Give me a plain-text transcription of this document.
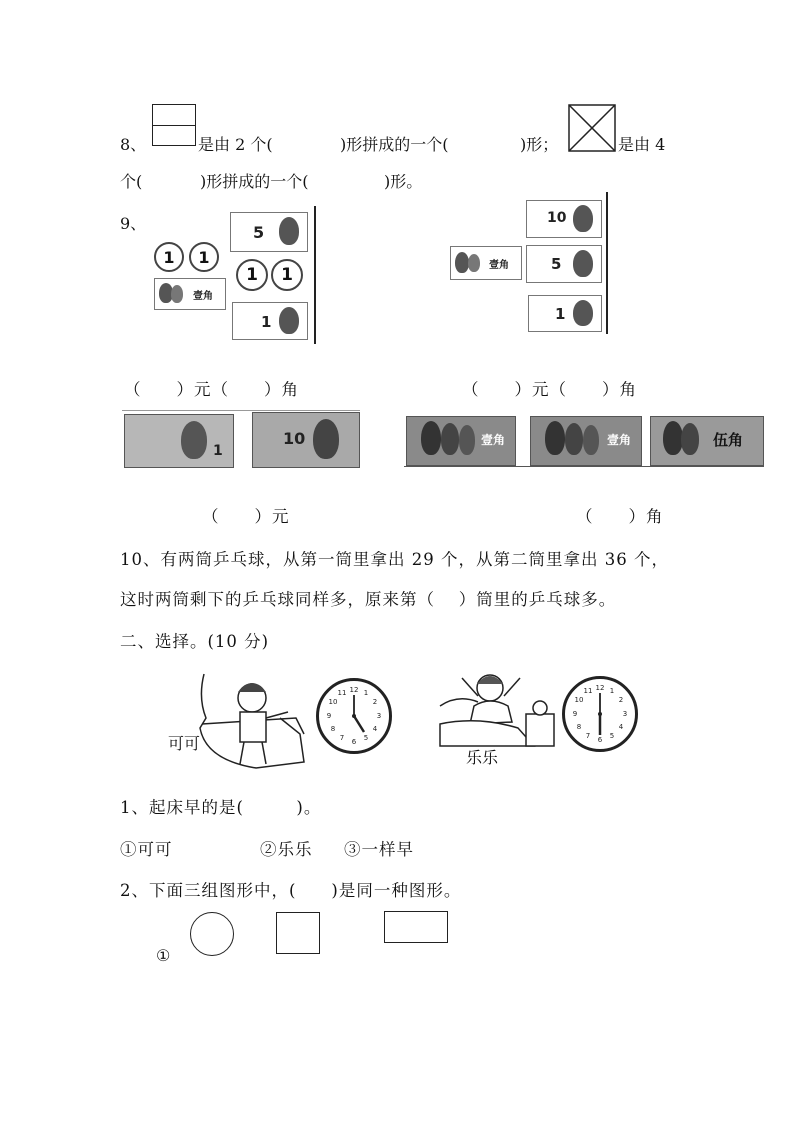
8、	是由 2 个(	)形拼成的一个(	)形；	是由 4
个(	)形拼成的一个(	)形。
9、
1 1
壹角
5
1 1
1
壹角
10
5
1
（　　）元（　　）角	（　　）元（　　）角
1
10	壹角	壹角	伍角
（　　）元	（　　）角
10、有两筒乒乓球，从第一筒里拿出 29 个，从第二筒里拿出 36 个，
这时两筒剩下的乒乓球同样多，原来第（　 ）筒里的乒乓球多。
二、选择。(10 分)
可可
12 1
2
3
4
5
6
7
8
9
10
11
乐乐
12 1
2
3
4
5
6
7
8
9
10
11
1、起床早的是(　　　)。
①可可	②乐乐 ③一样早
2、下面三组图形中，(　　)是同一种图形。
①
